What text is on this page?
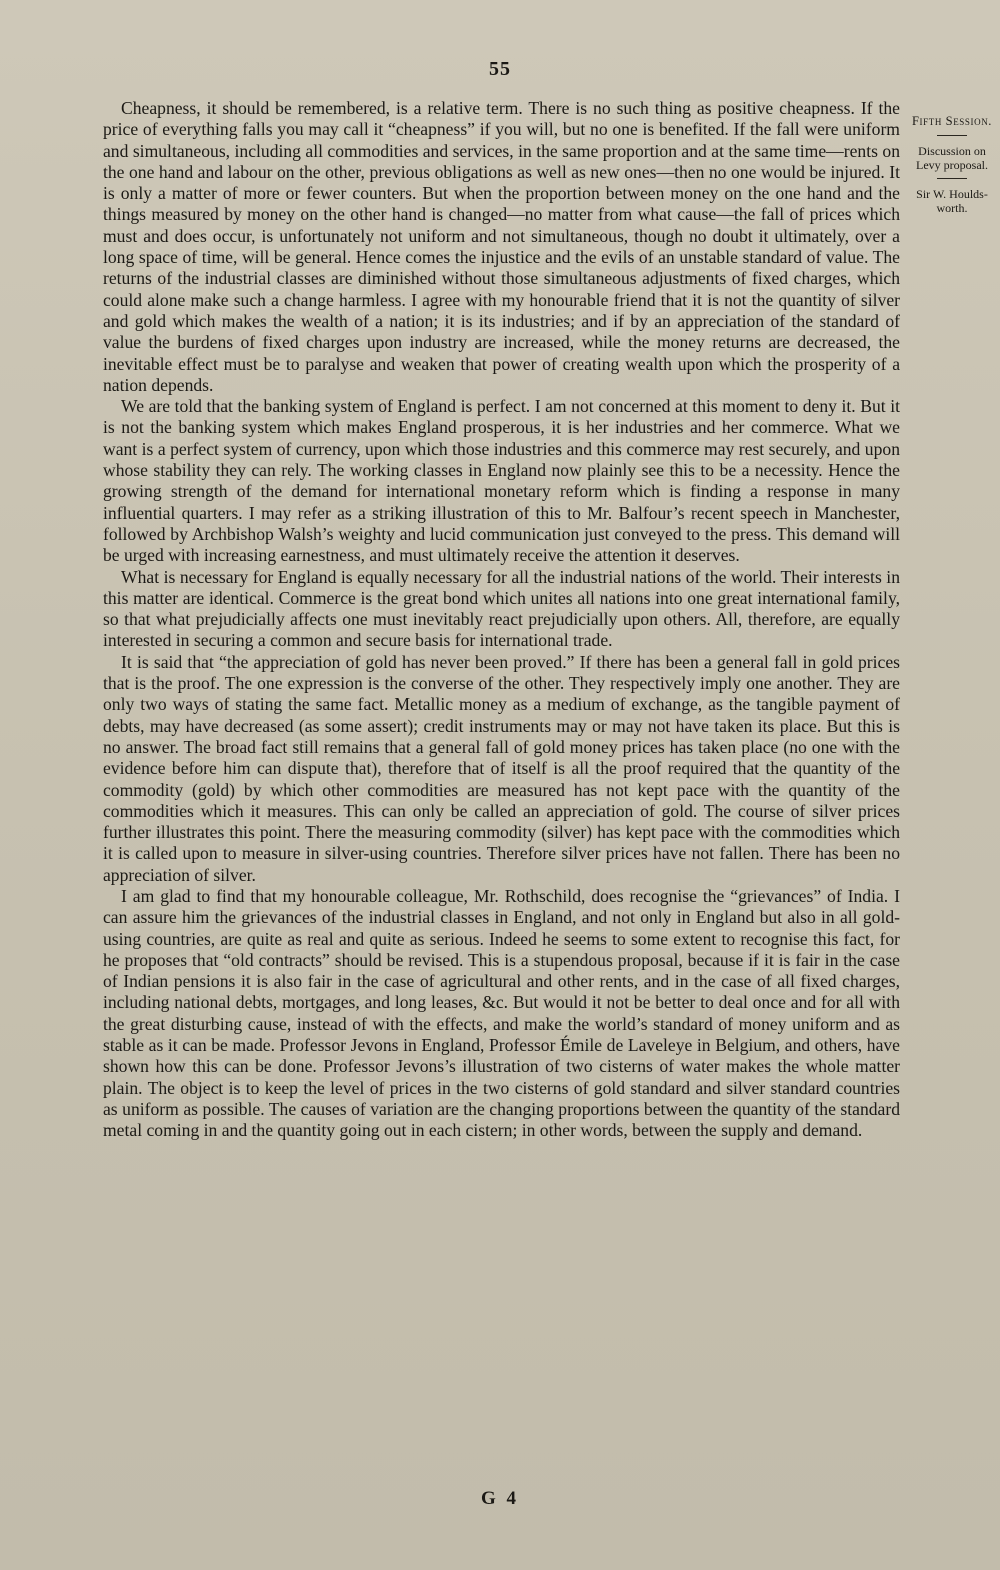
55

Cheapness, it should be remembered, is a relative term. There is no such thing as positive cheapness. If the price of everything falls you may call it “cheapness” if you will, but no one is benefited. If the fall were uniform and simultaneous, including all commodities and services, in the same proportion and at the same time—rents on the one hand and labour on the other, previous obligations as well as new ones—then no one would be injured. It is only a matter of more or fewer counters. But when the proportion between money on the one hand and the things measured by money on the other hand is changed—no matter from what cause—the fall of prices which must and does occur, is unfortunately not uniform and not simultaneous, though no doubt it ultimately, over a long space of time, will be general. Hence comes the injustice and the evils of an unstable standard of value. The returns of the industrial classes are diminished without those simultaneous adjustments of fixed charges, which could alone make such a change harmless. I agree with my honourable friend that it is not the quantity of silver and gold which makes the wealth of a nation; it is its industries; and if by an appreciation of the standard of value the burdens of fixed charges upon industry are increased, while the money returns are decreased, the inevitable effect must be to paralyse and weaken that power of creating wealth upon which the prosperity of a nation depends.

We are told that the banking system of England is perfect. I am not concerned at this moment to deny it. But it is not the banking system which makes England prosperous, it is her industries and her commerce. What we want is a perfect system of currency, upon which those industries and this commerce may rest securely, and upon whose stability they can rely. The working classes in England now plainly see this to be a necessity. Hence the growing strength of the demand for international monetary reform which is finding a response in many influential quarters. I may refer as a striking illustration of this to Mr. Balfour’s recent speech in Manchester, followed by Archbishop Walsh’s weighty and lucid communication just conveyed to the press. This demand will be urged with increasing earnestness, and must ultimately receive the attention it deserves.

What is necessary for England is equally necessary for all the industrial nations of the world. Their interests in this matter are identical. Commerce is the great bond which unites all nations into one great international family, so that what prejudicially affects one must inevitably react prejudicially upon others. All, therefore, are equally interested in securing a common and secure basis for international trade.

It is said that “the appreciation of gold has never been proved.” If there has been a general fall in gold prices that is the proof. The one expression is the converse of the other. They respectively imply one another. They are only two ways of stating the same fact. Metallic money as a medium of exchange, as the tangible payment of debts, may have decreased (as some assert); credit instruments may or may not have taken its place. But this is no answer. The broad fact still remains that a general fall of gold money prices has taken place (no one with the evidence before him can dispute that), therefore that of itself is all the proof required that the quantity of the commodity (gold) by which other commodities are measured has not kept pace with the quantity of the commodities which it measures. This can only be called an appreciation of gold. The course of silver prices further illustrates this point. There the measuring commodity (silver) has kept pace with the commodities which it is called upon to measure in silver-using countries. Therefore silver prices have not fallen. There has been no appreciation of silver.

I am glad to find that my honourable colleague, Mr. Rothschild, does recognise the “grievances” of India. I can assure him the grievances of the industrial classes in England, and not only in England but also in all gold-using countries, are quite as real and quite as serious. Indeed he seems to some extent to recognise this fact, for he proposes that “old contracts” should be revised. This is a stupendous proposal, because if it is fair in the case of Indian pensions it is also fair in the case of agricultural and other rents, and in the case of all fixed charges, including national debts, mortgages, and long leases, &c. But would it not be better to deal once and for all with the great disturbing cause, instead of with the effects, and make the world’s standard of money uniform and as stable as it can be made. Professor Jevons in England, Professor Émile de Laveleye in Belgium, and others, have shown how this can be done. Professor Jevons’s illustration of two cisterns of water makes the whole matter plain. The object is to keep the level of prices in the two cisterns of gold standard and silver standard countries as uniform as possible. The causes of variation are the changing proportions between the quantity of the standard metal coming in and the quantity going out in each cistern; in other words, between the supply and demand.

Fifth Session.

Discussion on Levy proposal.

Sir W. Houlds-worth.

G 4
